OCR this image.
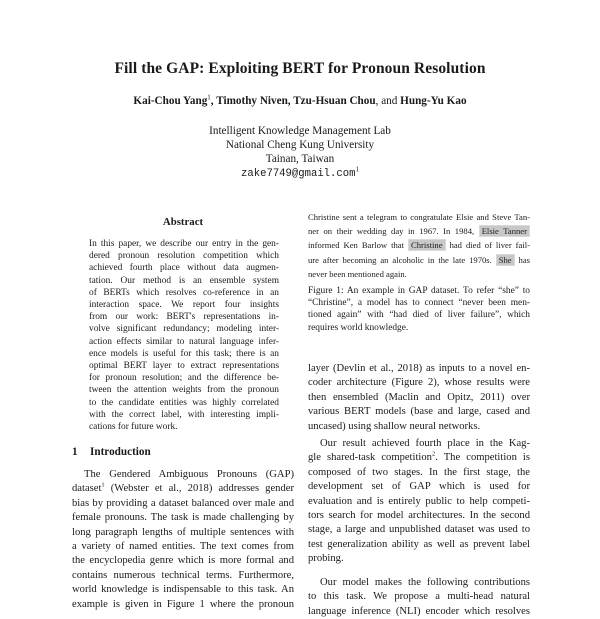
Fill the GAP: Exploiting BERT for Pronoun Resolution
Kai-Chou Yang$^1$, Timothy Niven, Tzu-Hsuan Chou, and Hung-Yu Kao
Intelligent Knowledge Management Lab
National Cheng Kung University
Tainan, Taiwan
zake7749@gmail.com$^1$
Abstract
In this paper, we describe our entry in the gen-
dered pronoun resolution competition which
achieved fourth place without data augmen-
tation. Our method is an ensemble system
of BERTs which resolves co-reference in an
interaction space. We report four insights
from our work: BERT's representations in-
volve significant redundancy; modeling inter-
action effects similar to natural language infer-
ence models is useful for this task; there is an
optimal BERT layer to extract representations
for pronoun resolution; and the difference be-
tween the attention weights from the pronoun
to the candidate entities was highly correlated
with the correct label, with interesting impli-
cations for future work.
1 Introduction
The Gendered Ambiguous Pronouns (GAP)
dataset$^1$ (Webster et al., 2018) addresses gender
bias by providing a dataset balanced over male and
female pronouns. The task is made challenging by
long paragraph lengths of multiple sentences with
a variety of named entities. The text comes from
the encyclopedia genre which is more formal and
contains numerous technical terms. Furthermore,
world knowledge is indispensable to this task. An
example is given in Figure 1 where the pronoun
Christine sent a telegram to congratulate Elsie and Steve Tan-
ner on their wedding day in 1967. In 1984, Elsie Tanner
informed Ken Barlow that Christine had died of liver fail-
ure after becoming an alcoholic in the late 1970s. She has
never been mentioned again.
Figure 1: An example in GAP dataset. To refer “she” to
“Christine”, a model has to connect “never been men-
tioned again” with “had died of liver failure”, which
requires world knowledge.
layer (Devlin et al., 2018) as inputs to a novel en-
coder architecture (Figure 2), whose results were
then ensembled (Maclin and Opitz, 2011) over
various BERT models (base and large, cased and
uncased) using shallow neural networks.
Our result achieved fourth place in the Kag-
gle shared-task competition$^2$. The competition is
composed of two stages. In the first stage, the
development set of GAP which is used for
evaluation and is entirely public to help competi-
tors search for model architectures. In the second
stage, a large and unpublished dataset was used to
test generalization ability as well as prevent label
probing.
Our model makes the following contributions
to this task. We propose a multi-head natural
language inference (NLI) encoder which resolves
